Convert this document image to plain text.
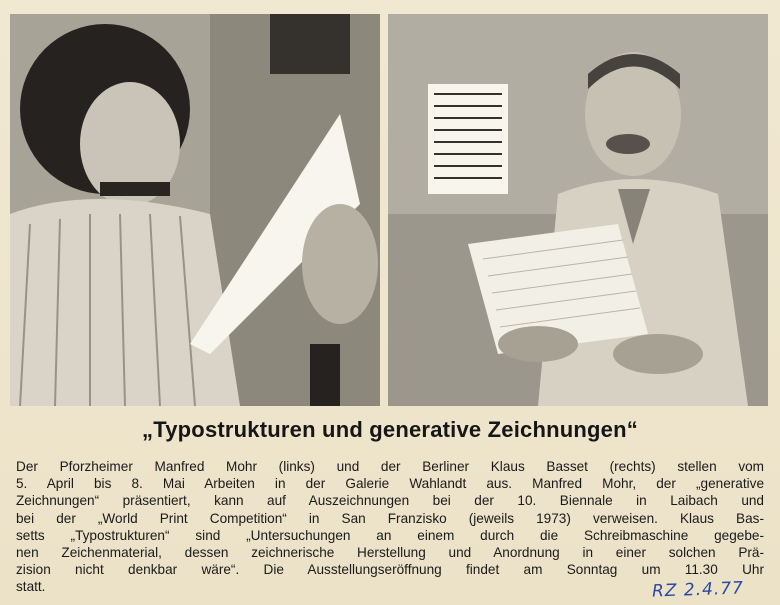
„Typostrukturen und generative Zeichnungen“
Der Pforzheimer Manfred Mohr (links) und der Berliner Klaus Basset (rechts) stellen vom
5. April bis 8. Mai Arbeiten in der Galerie Wahlandt aus. Manfred Mohr, der „generative
Zeichnungen“ präsentiert, kann auf Auszeichnungen bei der 10. Biennale in Laibach und
bei der „World Print Competition“ in San Franzisko (jeweils 1973) verweisen. Klaus Bas-
setts „Typostrukturen“ sind „Untersuchungen an einem durch die Schreibmaschine gegebe-
nen Zeichenmaterial, dessen zeichnerische Herstellung und Anordnung in einer solchen Prä-
zision nicht denkbar wäre“. Die Ausstellungseröffnung findet am Sonntag um 11.30 Uhr
statt.	RZ 2.4.77
